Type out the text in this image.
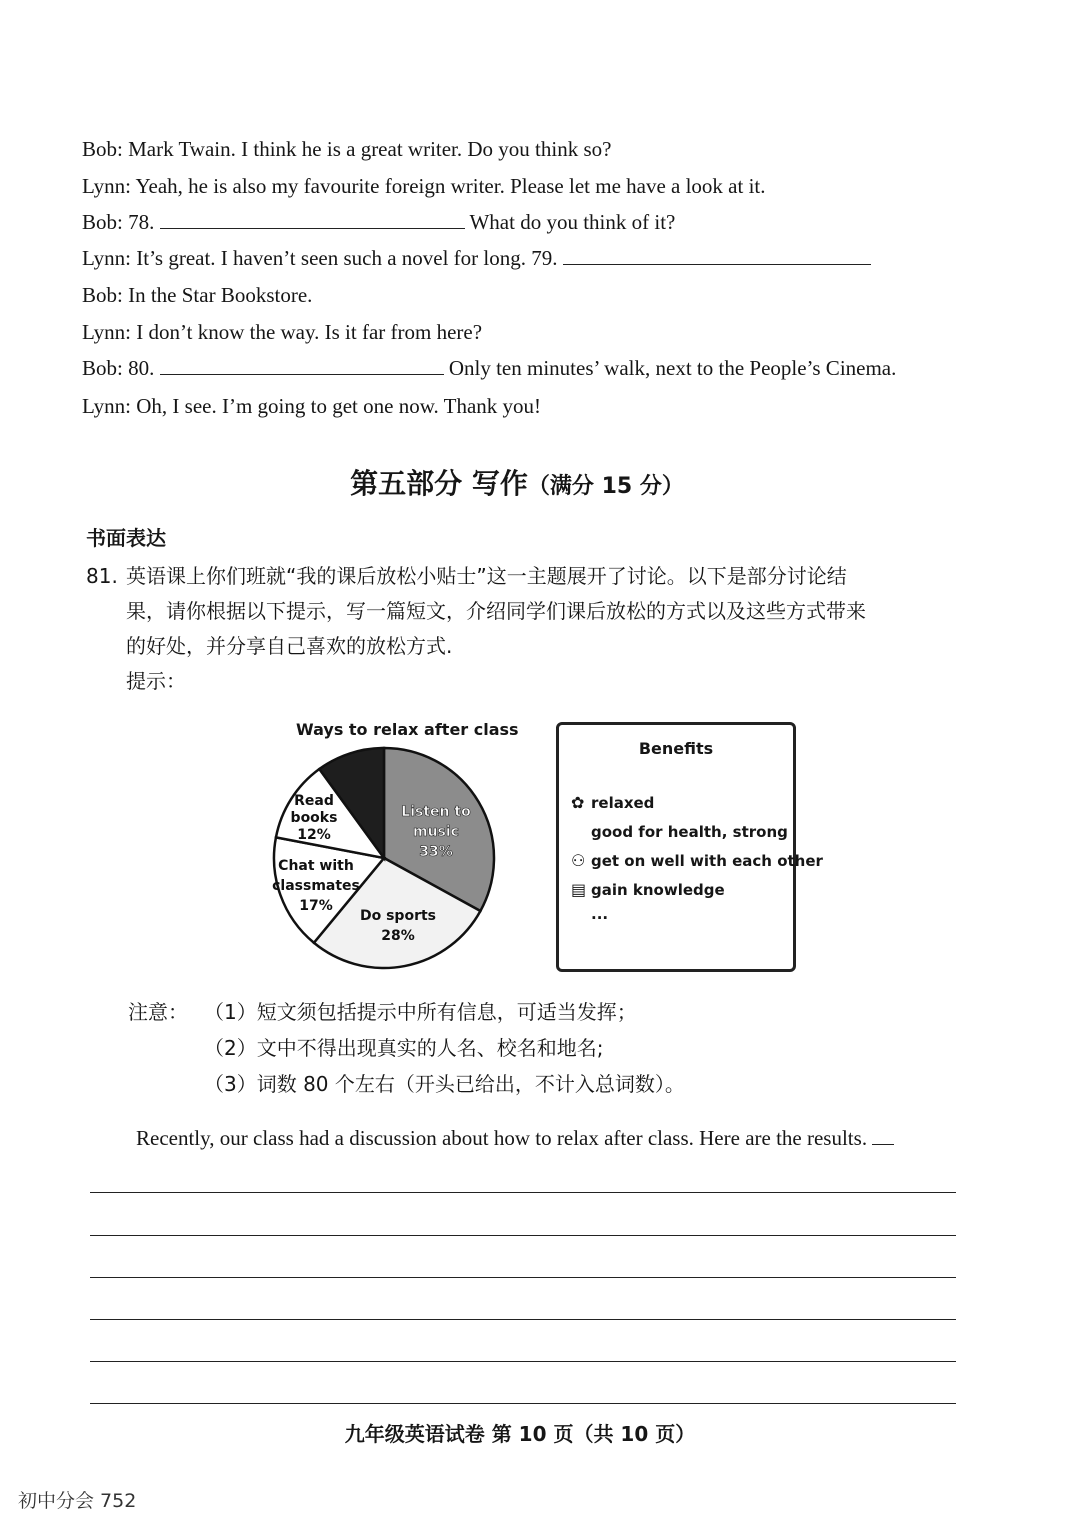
Bob: Mark Twain. I think he is a great writer. Do you think so?
Lynn: Yeah, he is also my favourite foreign writer. Please let me have a look at it.
Bob: 78.	What do you think of it?
Lynn: It’s great. I haven’t seen such a novel for long. 79.
Bob: In the Star Bookstore.
Lynn: I don’t know the way. Is it far from here?
Bob: 80.	Only ten minutes’ walk, next to the People’s Cinema.
Lynn: Oh, I see. I’m going to get one now. Thank you!
第五部分 写作（满分 15 分）
书面表达
81. 英语课上你们班就“我的课后放松小贴士”这一主题展开了讨论。以下是部分讨论结
果，请你根据以下提示，写一篇短文，介绍同学们课后放松的方式以及这些方式带来
的好处，并分享自己喜欢的放松方式.
提示：
Ways to relax after class
Listen to music 33%
Do sports 28%
Chat with classmates 17%
Read books 12%
Benefits
✿ relaxed
good for health, strong
⚇ get on well with each other
▤ gain knowledge
...
注意： （1）短文须包括提示中所有信息，可适当发挥；
（2）文中不得出现真实的人名、校名和地名;
（3）词数 80 个左右（开头已给出，不计入总词数）。
Recently, our class had a discussion about how to relax after class. Here are the results.
九年级英语试卷 第 10 页（共 10 页）
初中分会 752
